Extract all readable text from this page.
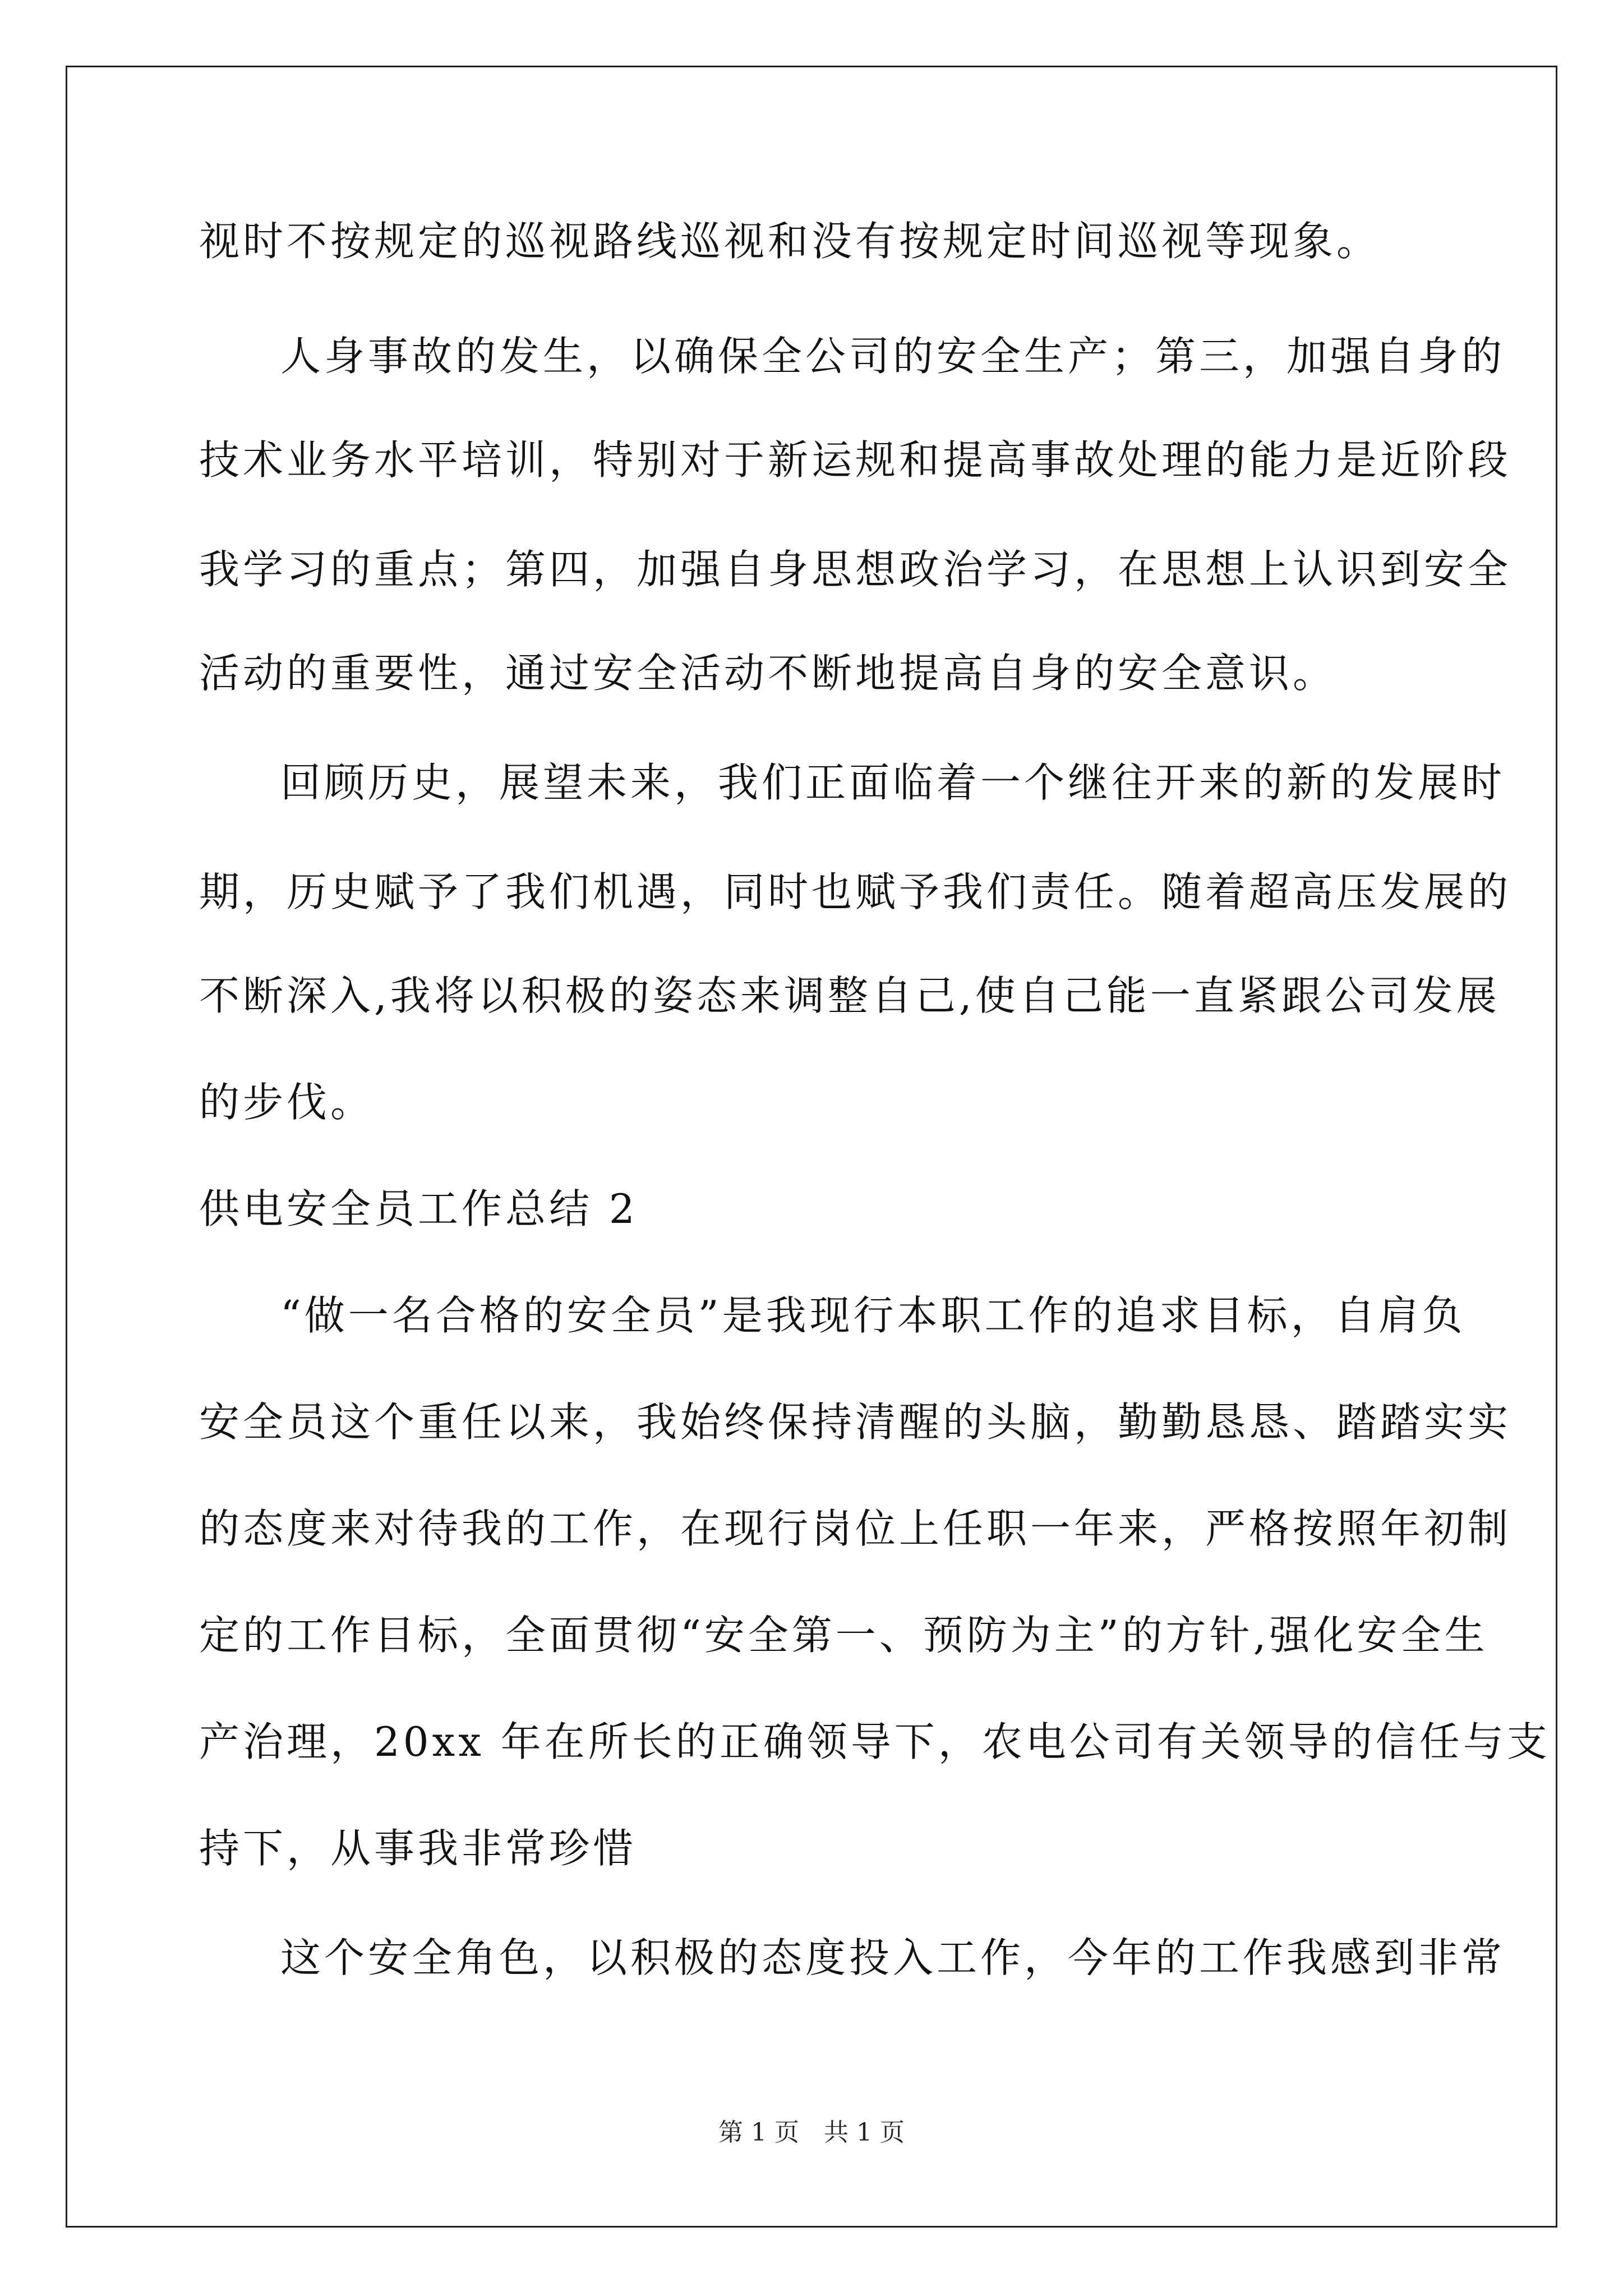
视时不按规定的巡视路线巡视和没有按规定时间巡视等现象。
人身事故的发生，以确保全公司的安全生产；第三，加强自身的
技术业务水平培训，特别对于新运规和提高事故处理的能力是近阶段
我学习的重点；第四，加强自身思想政治学习，在思想上认识到安全
活动的重要性，通过安全活动不断地提高自身的安全意识。
回顾历史，展望未来，我们正面临着一个继往开来的新的发展时
期，历史赋予了我们机遇，同时也赋予我们责任。随着超高压发展的
不断深入,我将以积极的姿态来调整自己,使自己能一直紧跟公司发展
的步伐。
供电安全员工作总结 2
“做一名合格的安全员”是我现行本职工作的追求目标，自肩负
安全员这个重任以来，我始终保持清醒的头脑，勤勤恳恳、踏踏实实
的态度来对待我的工作，在现行岗位上任职一年来，严格按照年初制
定的工作目标，全面贯彻“安全第一、预防为主”的方针,强化安全生
产治理，20xx 年在所长的正确领导下，农电公司有关领导的信任与支
持下，从事我非常珍惜
这个安全角色，以积极的态度投入工作，今年的工作我感到非常
第 1 页　共 1 页
